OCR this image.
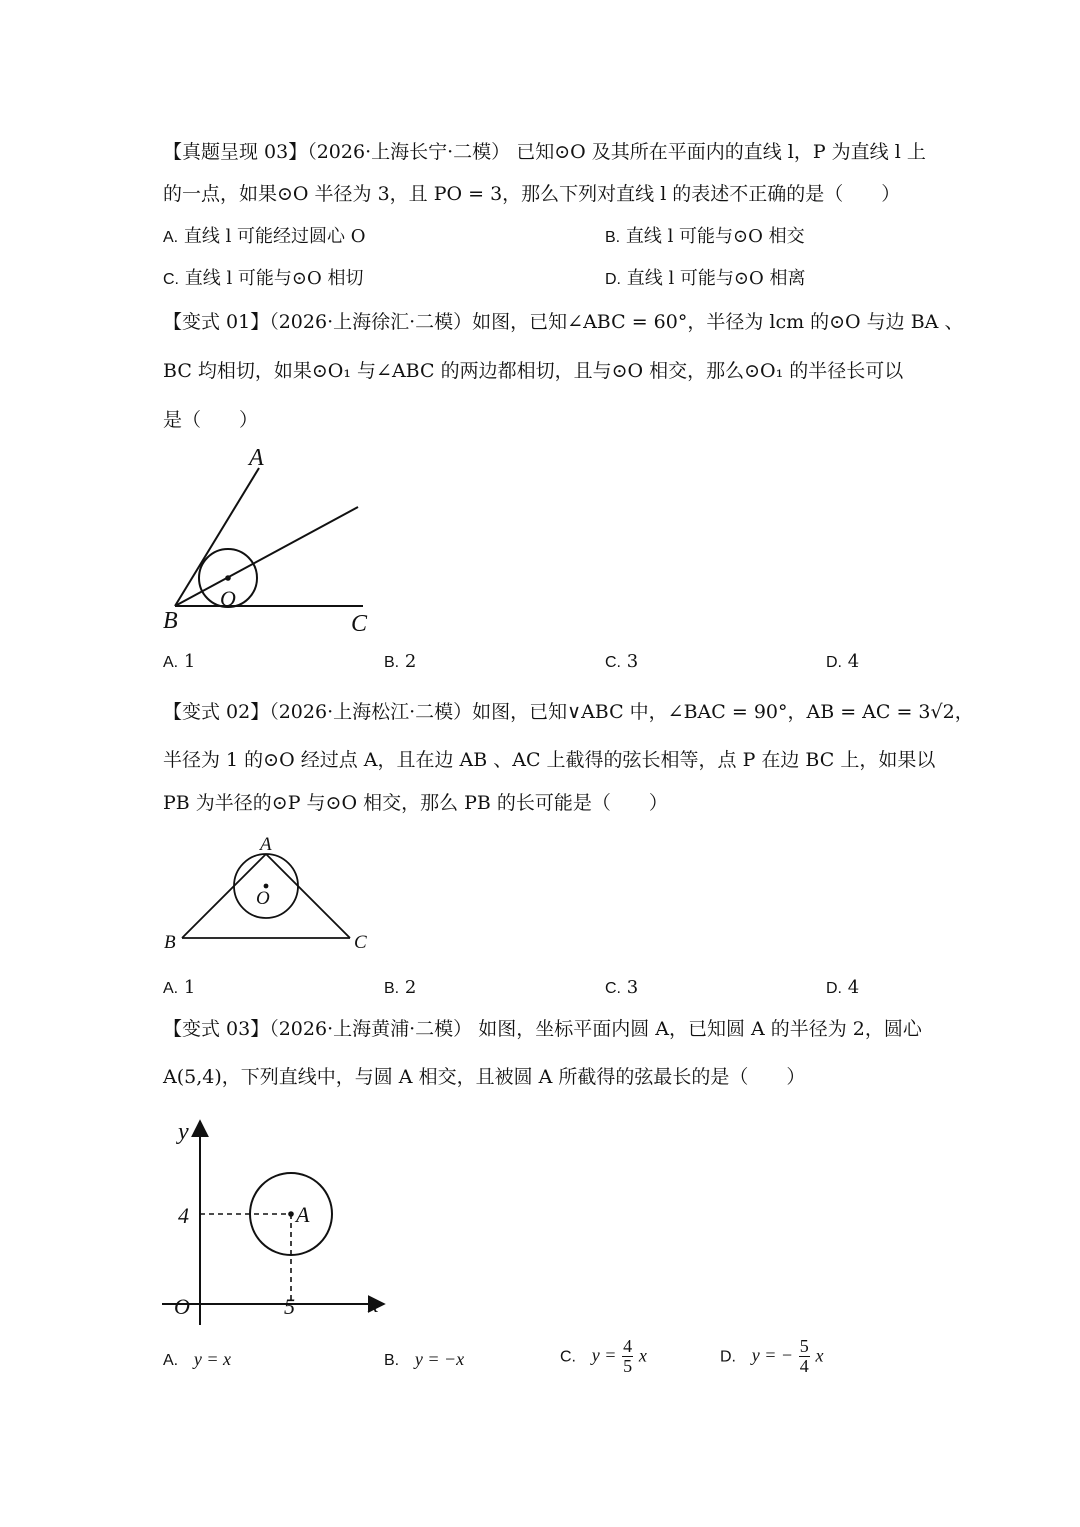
【真题呈现 03】（2026·上海长宁·二模） 已知⊙O 及其所在平面内的直线 l，P 为直线 l 上
的一点，如果⊙O 半径为 3，且 PO = 3，那么下列对直线 l 的表述不正确的是（　　）
A. 直线 l 可能经过圆心 O	B. 直线 l 可能与⊙O 相交
C. 直线 l 可能与⊙O 相切	D. 直线 l 可能与⊙O 相离
【变式 01】（2026·上海徐汇·二模）如图，已知∠ABC = 60°，半径为 lcm 的⊙O 与边 BA 、
BC 均相切，如果⊙O₁ 与∠ABC 的两边都相切，且与⊙O 相交，那么⊙O₁ 的半径长可以
是（　　）
A
B	C
O
A. 1	B. 2	C. 3	D. 4
【变式 02】（2026·上海松江·二模）如图，已知∨ABC 中，∠BAC = 90°，AB = AC = 3√2，
半径为 1 的⊙O 经过点 A，且在边 AB 、AC 上截得的弦长相等，点 P 在边 BC 上，如果以
PB 为半径的⊙P 与⊙O 相交，那么 PB 的长可能是（　　）
A
B	C
O
A. 1	B. 2	C. 3	D. 4
【变式 03】（2026·上海黄浦·二模） 如图，坐标平面内圆 A，已知圆 A 的半径为 2，圆心
A(5,4)，下列直线中，与圆 A 相交，且被圆 A 所截得的弦最长的是（　　）
y
x
O
4
5
A
A. y = x	B. y = −x	C. $y = \frac{4}{5}$ x	D. y = − $\frac{5}{4}$ x
